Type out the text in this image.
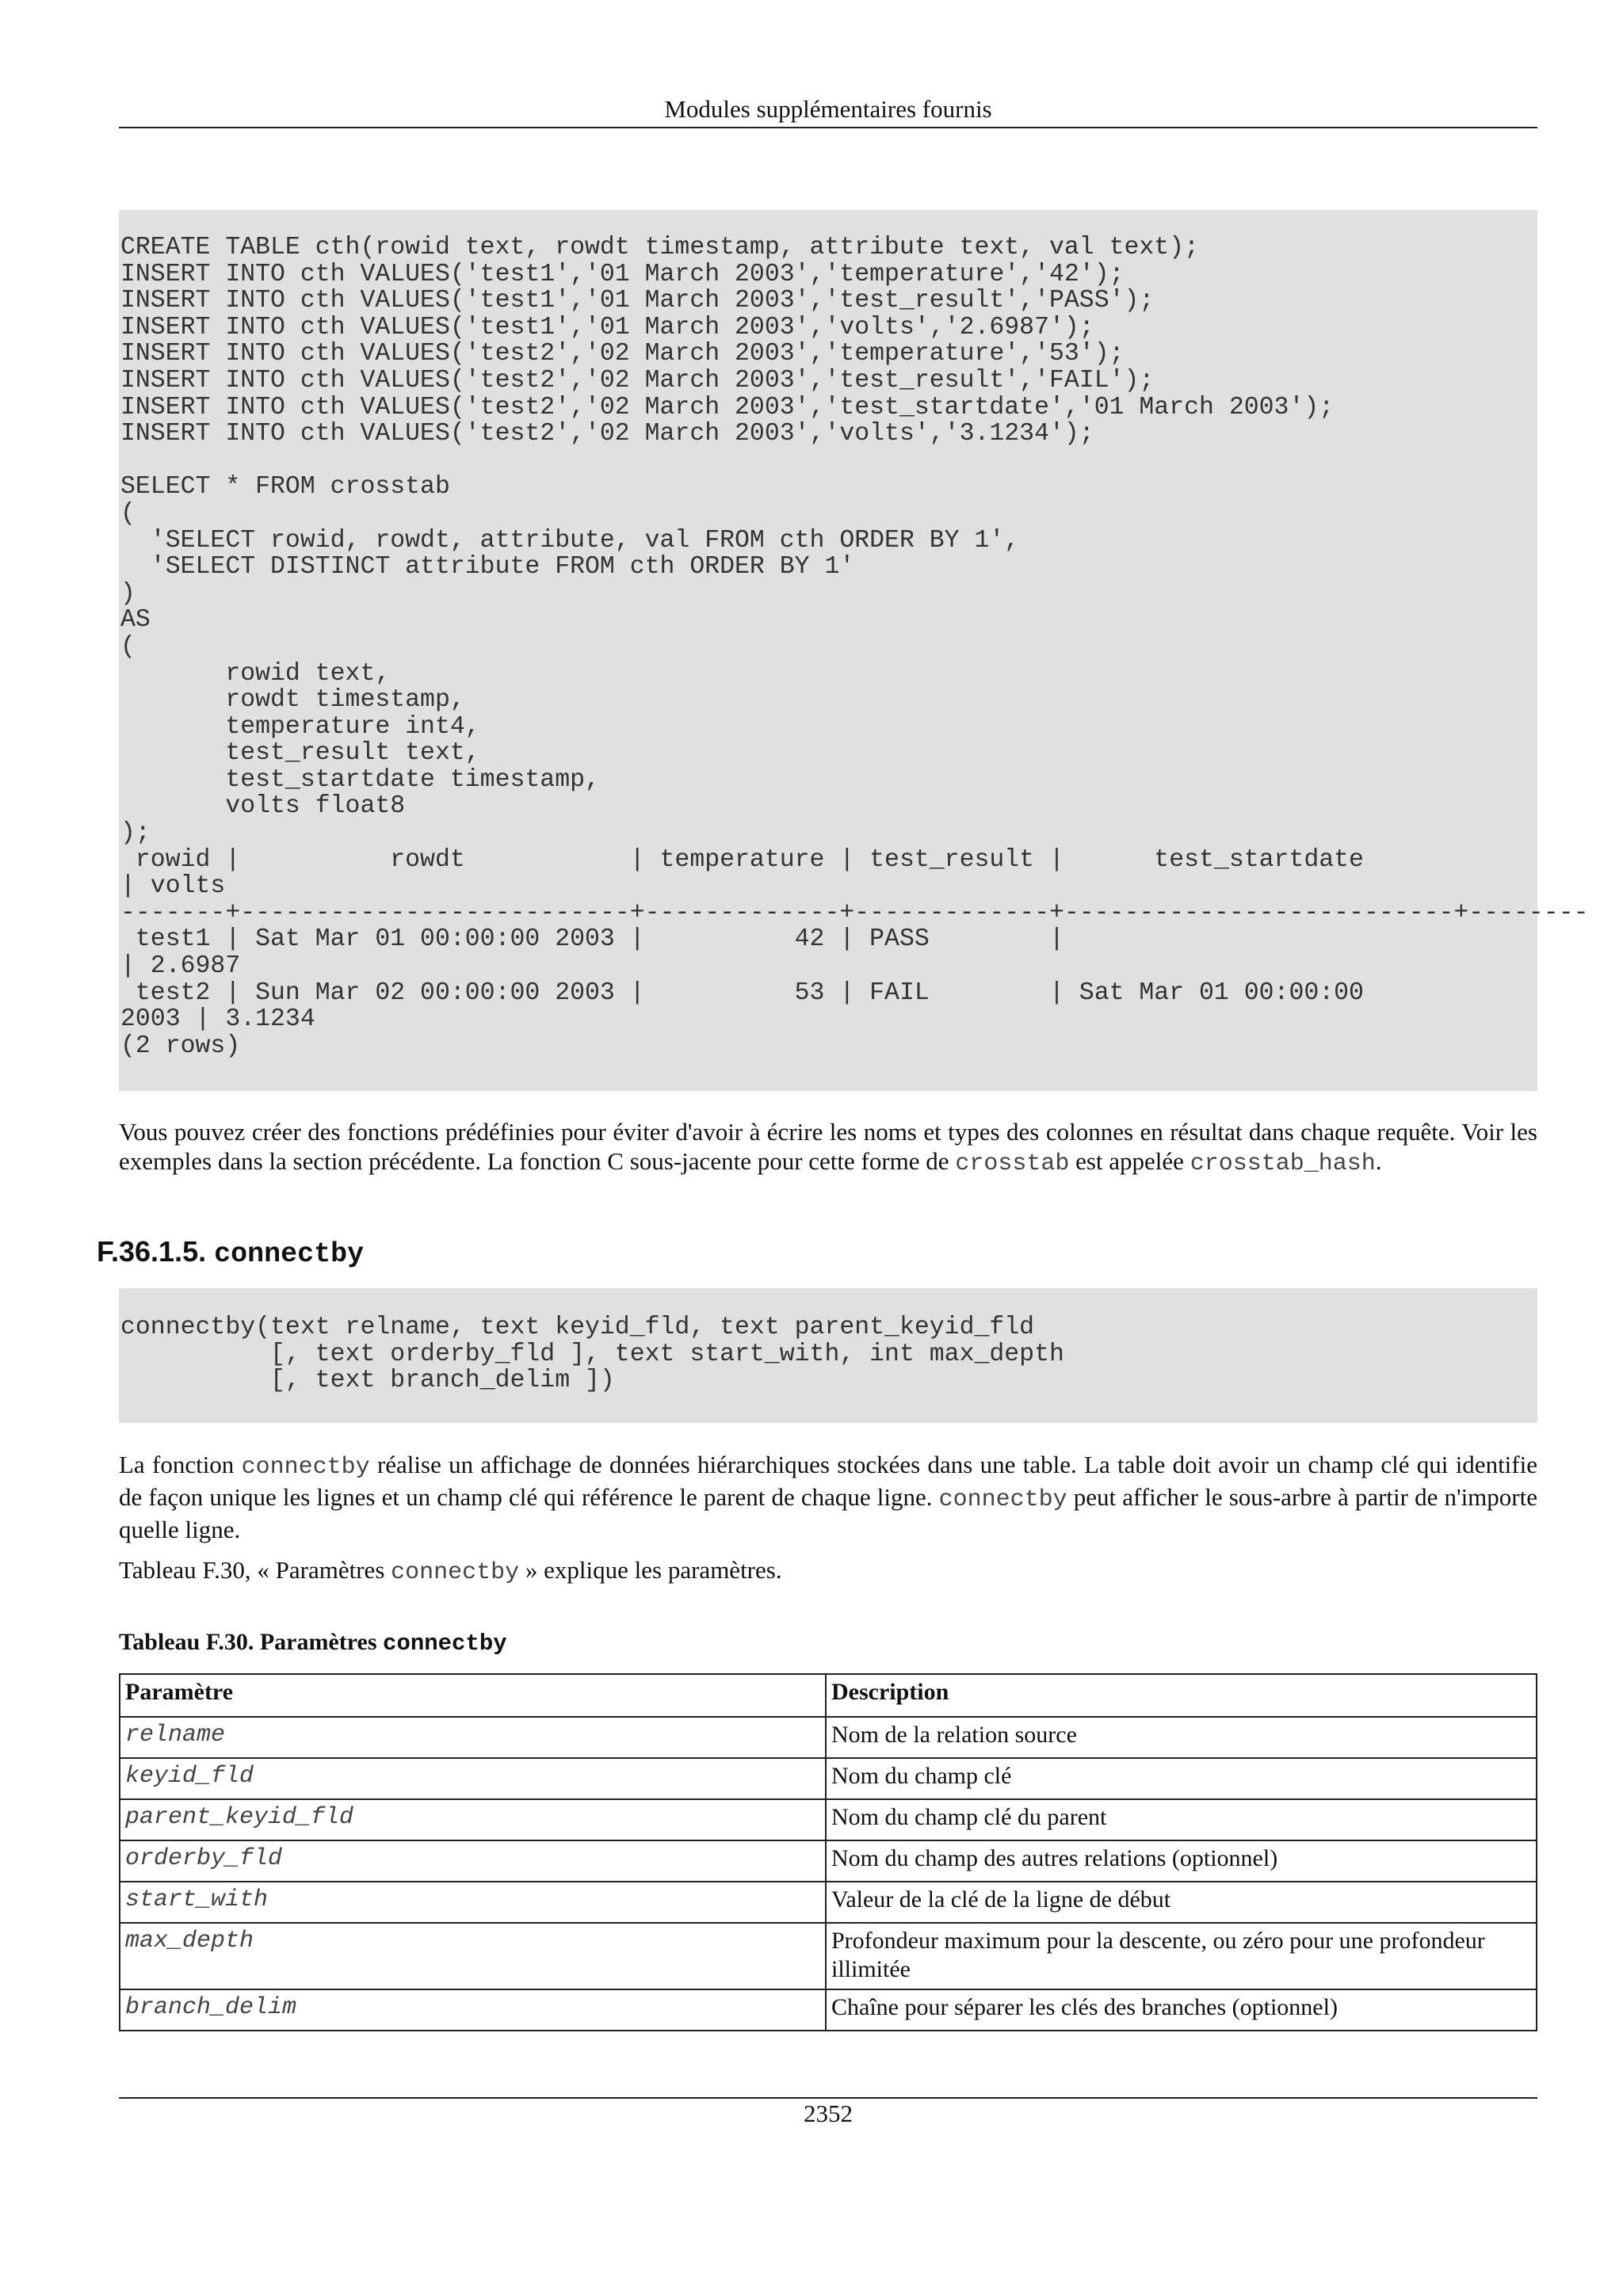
Modules supplémentaires fournis
CREATE TABLE cth(rowid text, rowdt timestamp, attribute text, val text);
INSERT INTO cth VALUES('test1','01 March 2003','temperature','42');
INSERT INTO cth VALUES('test1','01 March 2003','test_result','PASS');
INSERT INTO cth VALUES('test1','01 March 2003','volts','2.6987');
INSERT INTO cth VALUES('test2','02 March 2003','temperature','53');
INSERT INTO cth VALUES('test2','02 March 2003','test_result','FAIL');
INSERT INTO cth VALUES('test2','02 March 2003','test_startdate','01 March 2003');
INSERT INTO cth VALUES('test2','02 March 2003','volts','3.1234');

SELECT * FROM crosstab
(
'SELECT rowid, rowdt, attribute, val FROM cth ORDER BY 1',
'SELECT DISTINCT attribute FROM cth ORDER BY 1'
)
AS
(
rowid text,
rowdt timestamp,
temperature int4,
test_result text,
test_startdate timestamp,
volts float8
);
rowid |          rowdt           | temperature | test_result |      test_startdate
| volts
-------+--------------------------+-------------+-------------+--------------------------+--------
test1 | Sat Mar 01 00:00:00 2003 |          42 | PASS        |
| 2.6987
test2 | Sun Mar 02 00:00:00 2003 |          53 | FAIL        | Sat Mar 01 00:00:00
2003 | 3.1234
(2 rows)

Vous pouvez créer des fonctions prédéfinies pour éviter d'avoir à écrire les noms et types des colonnes en résultat dans chaque requête. Voir les exemples dans la section précédente. La fonction C sous-jacente pour cette forme de crosstab est appelée crosstab_hash.

F.36.1.5. connectby
connectby(text relname, text keyid_fld, text parent_keyid_fld
[, text orderby_fld ], text start_with, int max_depth
[, text branch_delim ])

La fonction connectby réalise un affichage de données hiérarchiques stockées dans une table. La table doit avoir un champ clé qui identifie de façon unique les lignes et un champ clé qui référence le parent de chaque ligne. connectby peut afficher le sous-arbre à partir de n'importe quelle ligne.

Tableau F.30, « Paramètres connectby » explique les paramètres.

Tableau F.30. Paramètres connectby
Paramètre	Description
relname	Nom de la relation source
keyid_fld	Nom du champ clé
parent_keyid_fld	Nom du champ clé du parent
orderby_fld	Nom du champ des autres relations (optionnel)
start_with	Valeur de la clé de la ligne de début
max_depth	Profondeur maximum pour la descente, ou zéro pour une profondeur illimitée
branch_delim	Chaîne pour séparer les clés des branches (optionnel)
2352
